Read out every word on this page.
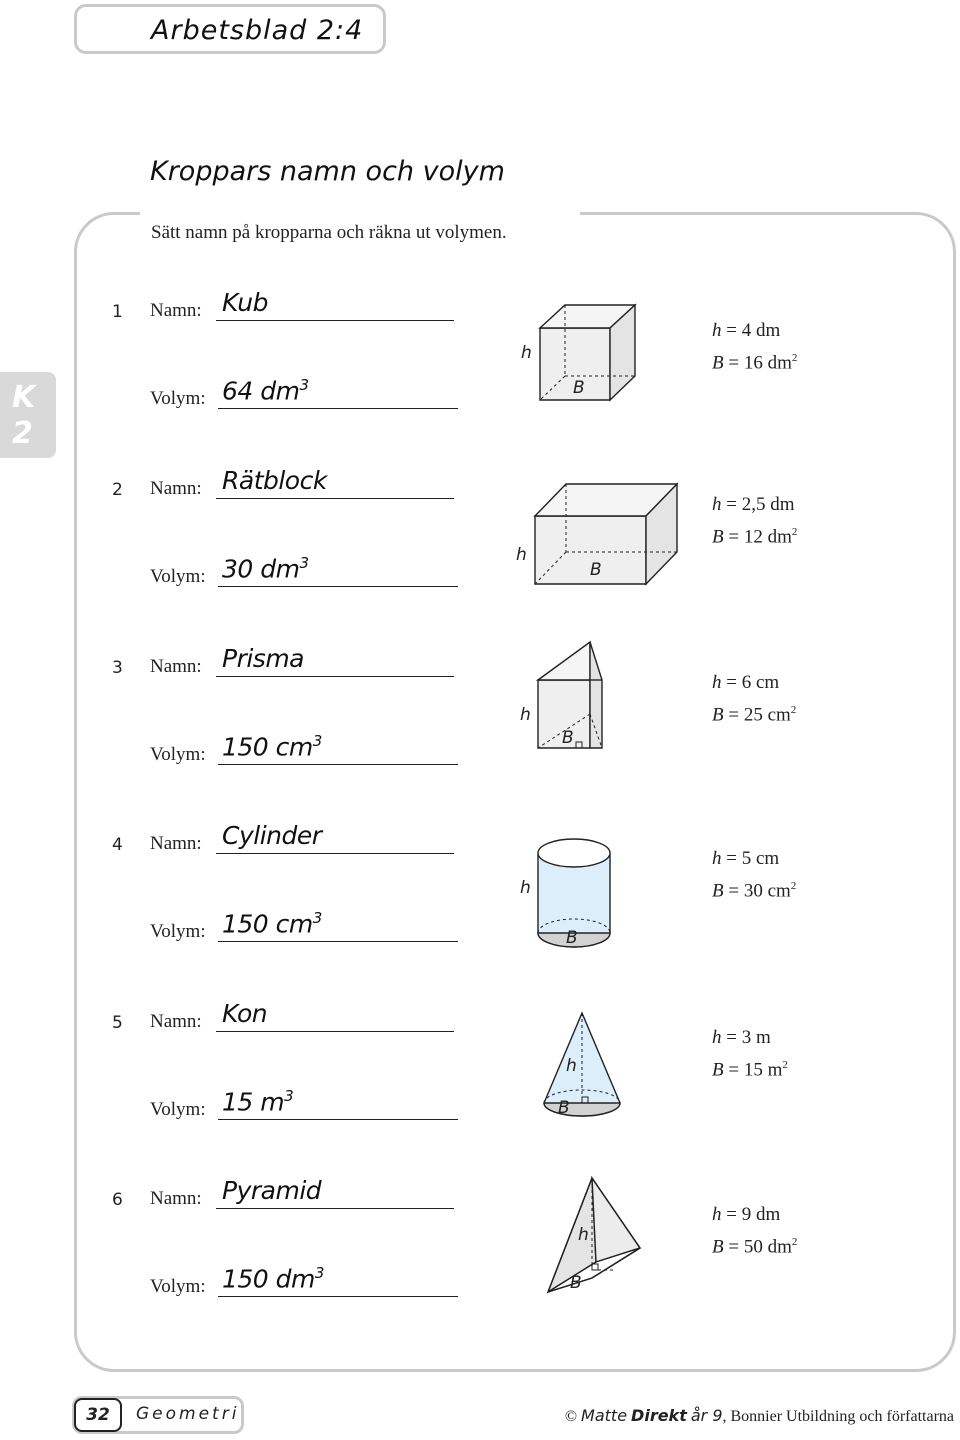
K
2
Arbetsblad 2:4
Kroppars namn och volym
Sätt namn på kropparna och räkna ut volymen.
1 Namn: Kub
Volym: 64 $dm^3$
h
B
h = 4 dm
B = 16 $dm^2$
2 Namn: Rätblock
Volym: 30 $dm^3$	h
B
h = 2,5 dm
B = 12 $dm^2$
3 Namn: Prisma
Volym: 150 $cm^3$
h
B
h = 6 cm
B = 25 $cm^2$
4 Namn: Cylinder
Volym: 150 $cm^3$
h
B
h = 5 cm
B = 30 $cm^2$
5 Namn: Kon
Volym: 15 $m^3$
h
B
h = 3 m
B = 15 $m^2$
6 Namn: Pyramid
Volym: 150 $dm^3$
h
B
h = 9 dm
B = 50 $dm^2$
32	Geometri	© Matte Direkt år 9, Bonnier Utbildning och författarna
